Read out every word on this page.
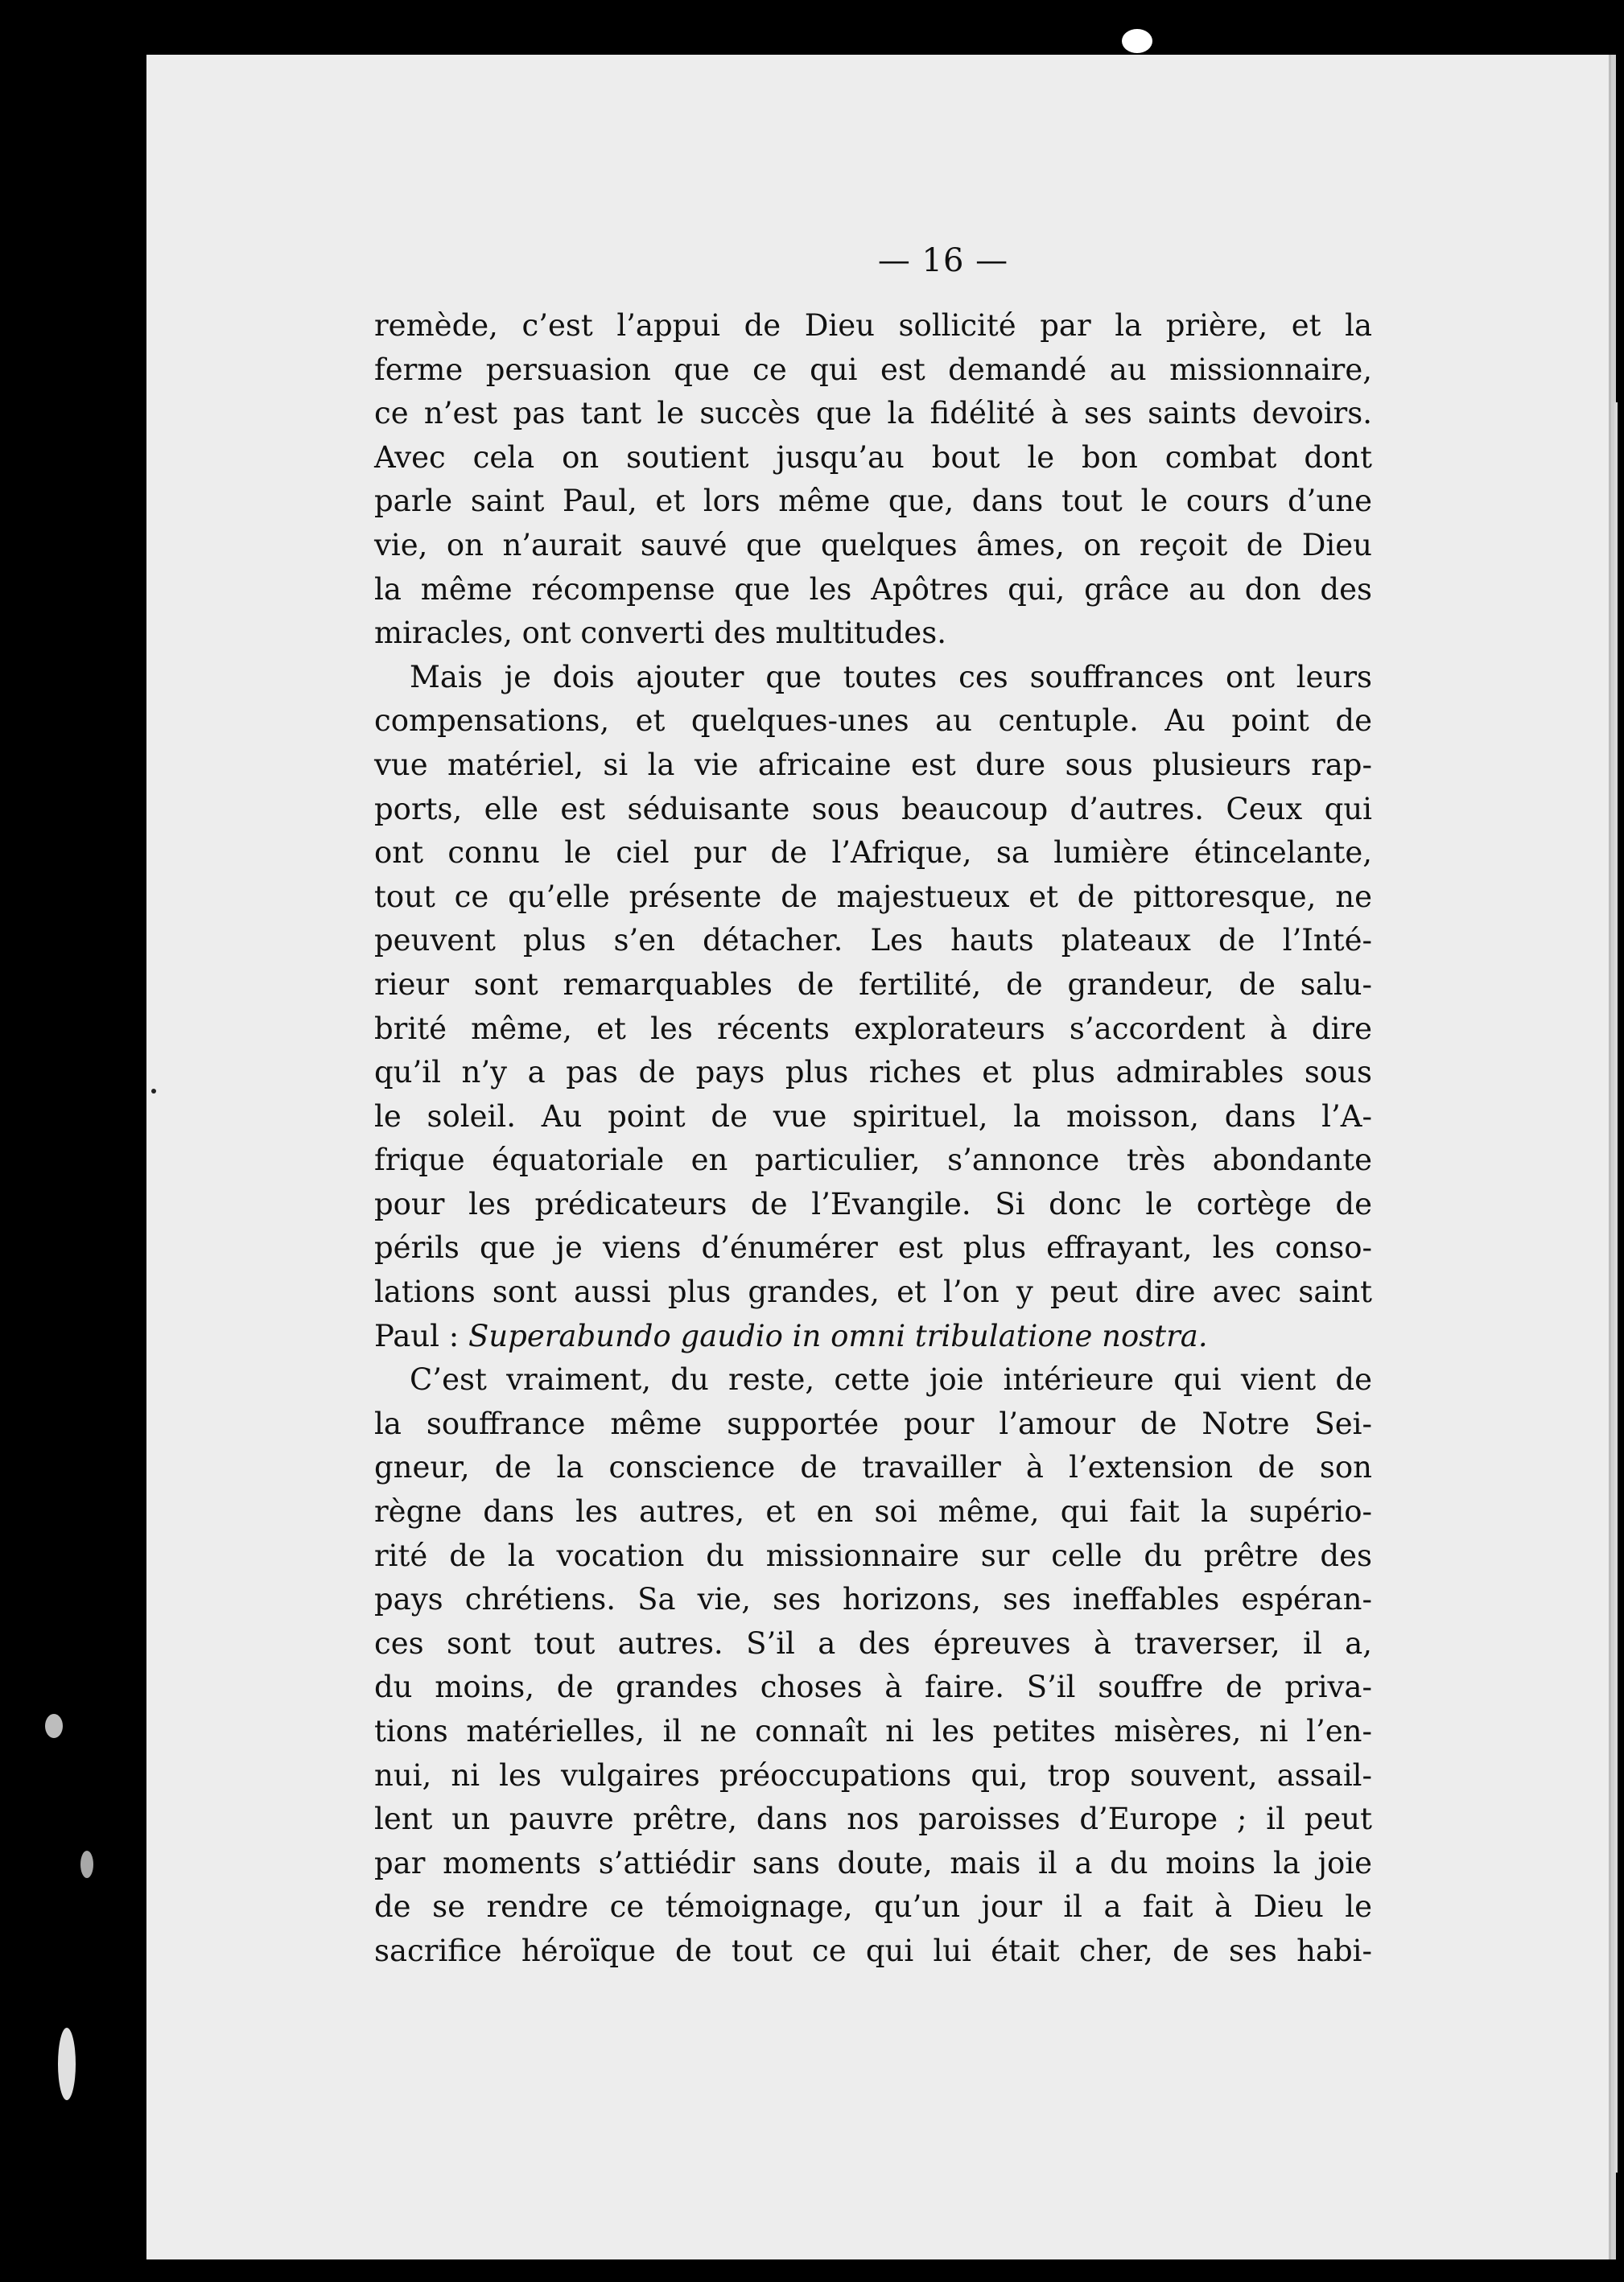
— 16 —
remède, c’est l’appui de Dieu sollicité par la prière, et la
ferme persuasion que ce qui est demandé au missionnaire,
ce n’est pas tant le succès que la fidélité à ses saints devoirs.
Avec cela on soutient jusqu’au bout le bon combat dont
parle saint Paul, et lors même que, dans tout le cours d’une
vie, on n’aurait sauvé que quelques âmes, on reçoit de Dieu
la même récompense que les Apôtres qui, grâce au don des
miracles, ont converti des multitudes.
Mais je dois ajouter que toutes ces souffrances ont leurs
compensations, et quelques-unes au centuple. Au point de
vue matériel, si la vie africaine est dure sous plusieurs rap-
ports, elle est séduisante sous beaucoup d’autres. Ceux qui
ont connu le ciel pur de l’Afrique, sa lumière étincelante,
tout ce qu’elle présente de majestueux et de pittoresque, ne
peuvent plus s’en détacher. Les hauts plateaux de l’Inté-
rieur sont remarquables de fertilité, de grandeur, de salu-
brité même, et les récents explorateurs s’accordent à dire
qu’il n’y a pas de pays plus riches et plus admirables sous
le soleil. Au point de vue spirituel, la moisson, dans l’A-
frique équatoriale en particulier, s’annonce très abondante
pour les prédicateurs de l’Evangile. Si donc le cortège de
périls que je viens d’énumérer est plus effrayant, les conso-
lations sont aussi plus grandes, et l’on y peut dire avec saint
Paul : Superabundo gaudio in omni tribulatione nostra.
C’est vraiment, du reste, cette joie intérieure qui vient de
la souffrance même supportée pour l’amour de Notre Sei-
gneur, de la conscience de travailler à l’extension de son
règne dans les autres, et en soi même, qui fait la supério-
rité de la vocation du missionnaire sur celle du prêtre des
pays chrétiens. Sa vie, ses horizons, ses ineffables espéran-
ces sont tout autres. S’il a des épreuves à traverser, il a,
du moins, de grandes choses à faire. S’il souffre de priva-
tions matérielles, il ne connaît ni les petites misères, ni l’en-
nui, ni les vulgaires préoccupations qui, trop souvent, assail-
lent un pauvre prêtre, dans nos paroisses d’Europe ; il peut
par moments s’attiédir sans doute, mais il a du moins la joie
de se rendre ce témoignage, qu’un jour il a fait à Dieu le
sacrifice héroïque de tout ce qui lui était cher, de ses habi-
